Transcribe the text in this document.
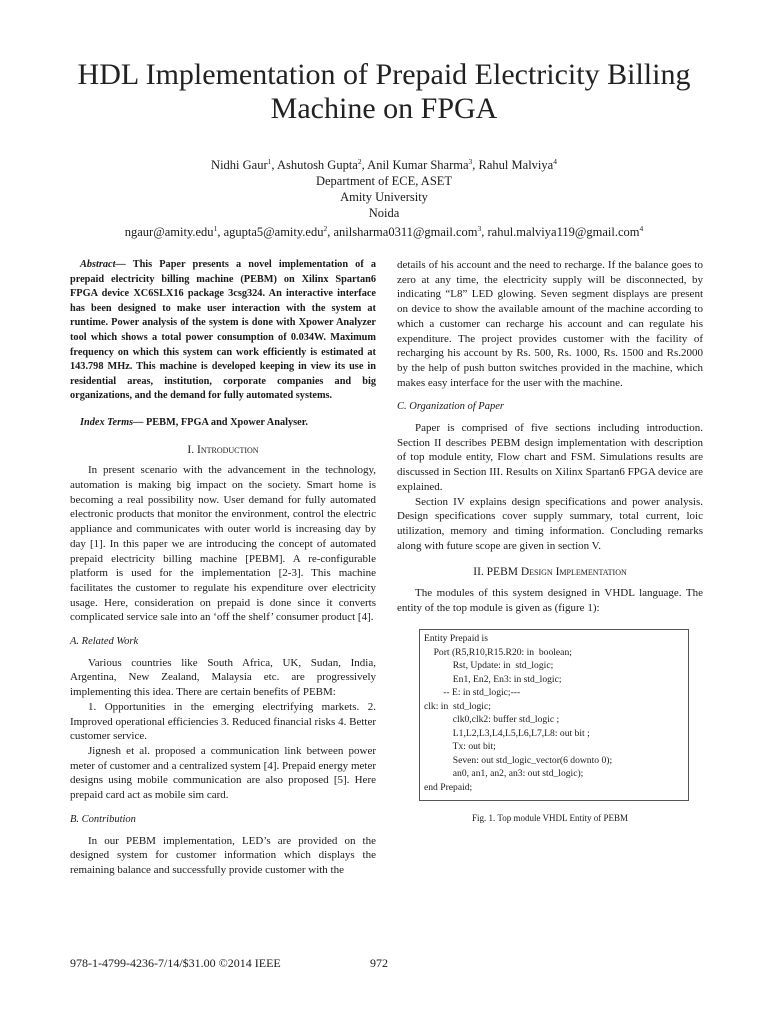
HDL Implementation of Prepaid Electricity Billing
Machine on FPGA
Nidhi Gaur$^1$, Ashutosh Gupta$^2$, Anil Kumar Sharma$^3$, Rahul Malviya$^4$
Department of ECE, ASET
Amity University
Noida
ngaur@amity.edu$^1$, agupta5@amity.edu$^2$, anilsharma0311@gmail.com$^3$, rahul.malviya119@gmail.com$^4$

Abstract— This Paper presents a novel implementation of a prepaid electricity billing machine (PEBM) on Xilinx Spartan6 FPGA device XC6SLX16 package 3csg324. An interactive interface has been designed to make user interaction with the system at runtime. Power analysis of the system is done with Xpower Analyzer tool which shows a total power consumption of 0.034W. Maximum frequency on which this system can work efficiently is estimated at 143.798 MHz. This machine is developed keeping in view its use in residential areas, institution, corporate companies and big organizations, and the demand for fully automated systems.

Index Terms— PEBM, FPGA and Xpower Analyser.

I. Introduction

In present scenario with the advancement in the technology, automation is making big impact on the society. Smart home is becoming a real possibility now. User demand for fully automated electronic products that monitor the environment, control the electric appliance and communicates with outer world is increasing day by day [1]. In this paper we are introducing the concept of automated prepaid electricity billing machine [PEBM]. A re-configurable platform is used for the implementation [2-3]. This machine facilitates the customer to regulate his expenditure over electricity usage. Here, consideration on prepaid is done since it converts complicated service sale into an ‘off the shelf’ consumer product [4].

A. Related Work

Various countries like South Africa, UK, Sudan, India, Argentina, New Zealand, Malaysia etc. are progressively implementing this idea. There are certain benefits of PEBM:

1. Opportunities in the emerging electrifying markets. 2. Improved operational efficiencies 3. Reduced financial risks 4. Better customer service.

Jignesh et al. proposed a communication link between power meter of customer and a centralized system [4]. Prepaid energy meter designs using mobile communication are also proposed [5]. Here prepaid card act as mobile sim card.

B. Contribution

In our PEBM implementation, LED’s are provided on the designed system for customer information which displays the remaining balance and successfully provide customer with the

details of his account and the need to recharge. If the balance goes to zero at any time, the electricity supply will be disconnected, by indicating “L8” LED glowing. Seven segment displays are present on device to show the available amount of the machine according to which a customer can recharge his account and can regulate his expenditure. The project provides customer with the facility of recharging his account by Rs. 500, Rs. 1000, Rs. 1500 and Rs.2000 by the help of push button switches provided in the machine, which makes easy interface for the user with the machine.

C. Organization of Paper

Paper is comprised of five sections including introduction. Section II describes PEBM design implementation with description of top module entity, Flow chart and FSM. Simulations results are discussed in Section III. Results on Xilinx Spartan6 FPGA device are explained.

Section IV explains design specifications and power analysis. Design specifications cover supply summary, total current, loic utilization, memory and timing information. Concluding remarks along with future scope are given in section V.

II. PEBM Design Implementation

The modules of this system designed in VHDL language. The entity of the top module is given as (figure 1):

Entity Prepaid is
Port (R5,R10,R15.R20: in  boolean;
Rst, Update: in  std_logic;
En1, En2, En3: in std_logic;
-- E: in std_logic;---
clk: in  std_logic;
clk0,clk2: buffer std_logic ;
L1,L2,L3,L4,L5,L6,L7,L8: out bit ;
Tx: out bit;
Seven: out std_logic_vector(6 downto 0);
an0, an1, an2, an3: out std_logic);
end Prepaid;
Fig. 1. Top module VHDL Entity of PEBM
978-1-4799-4236-7/14/$31.00 ©2014 IEEE	972
